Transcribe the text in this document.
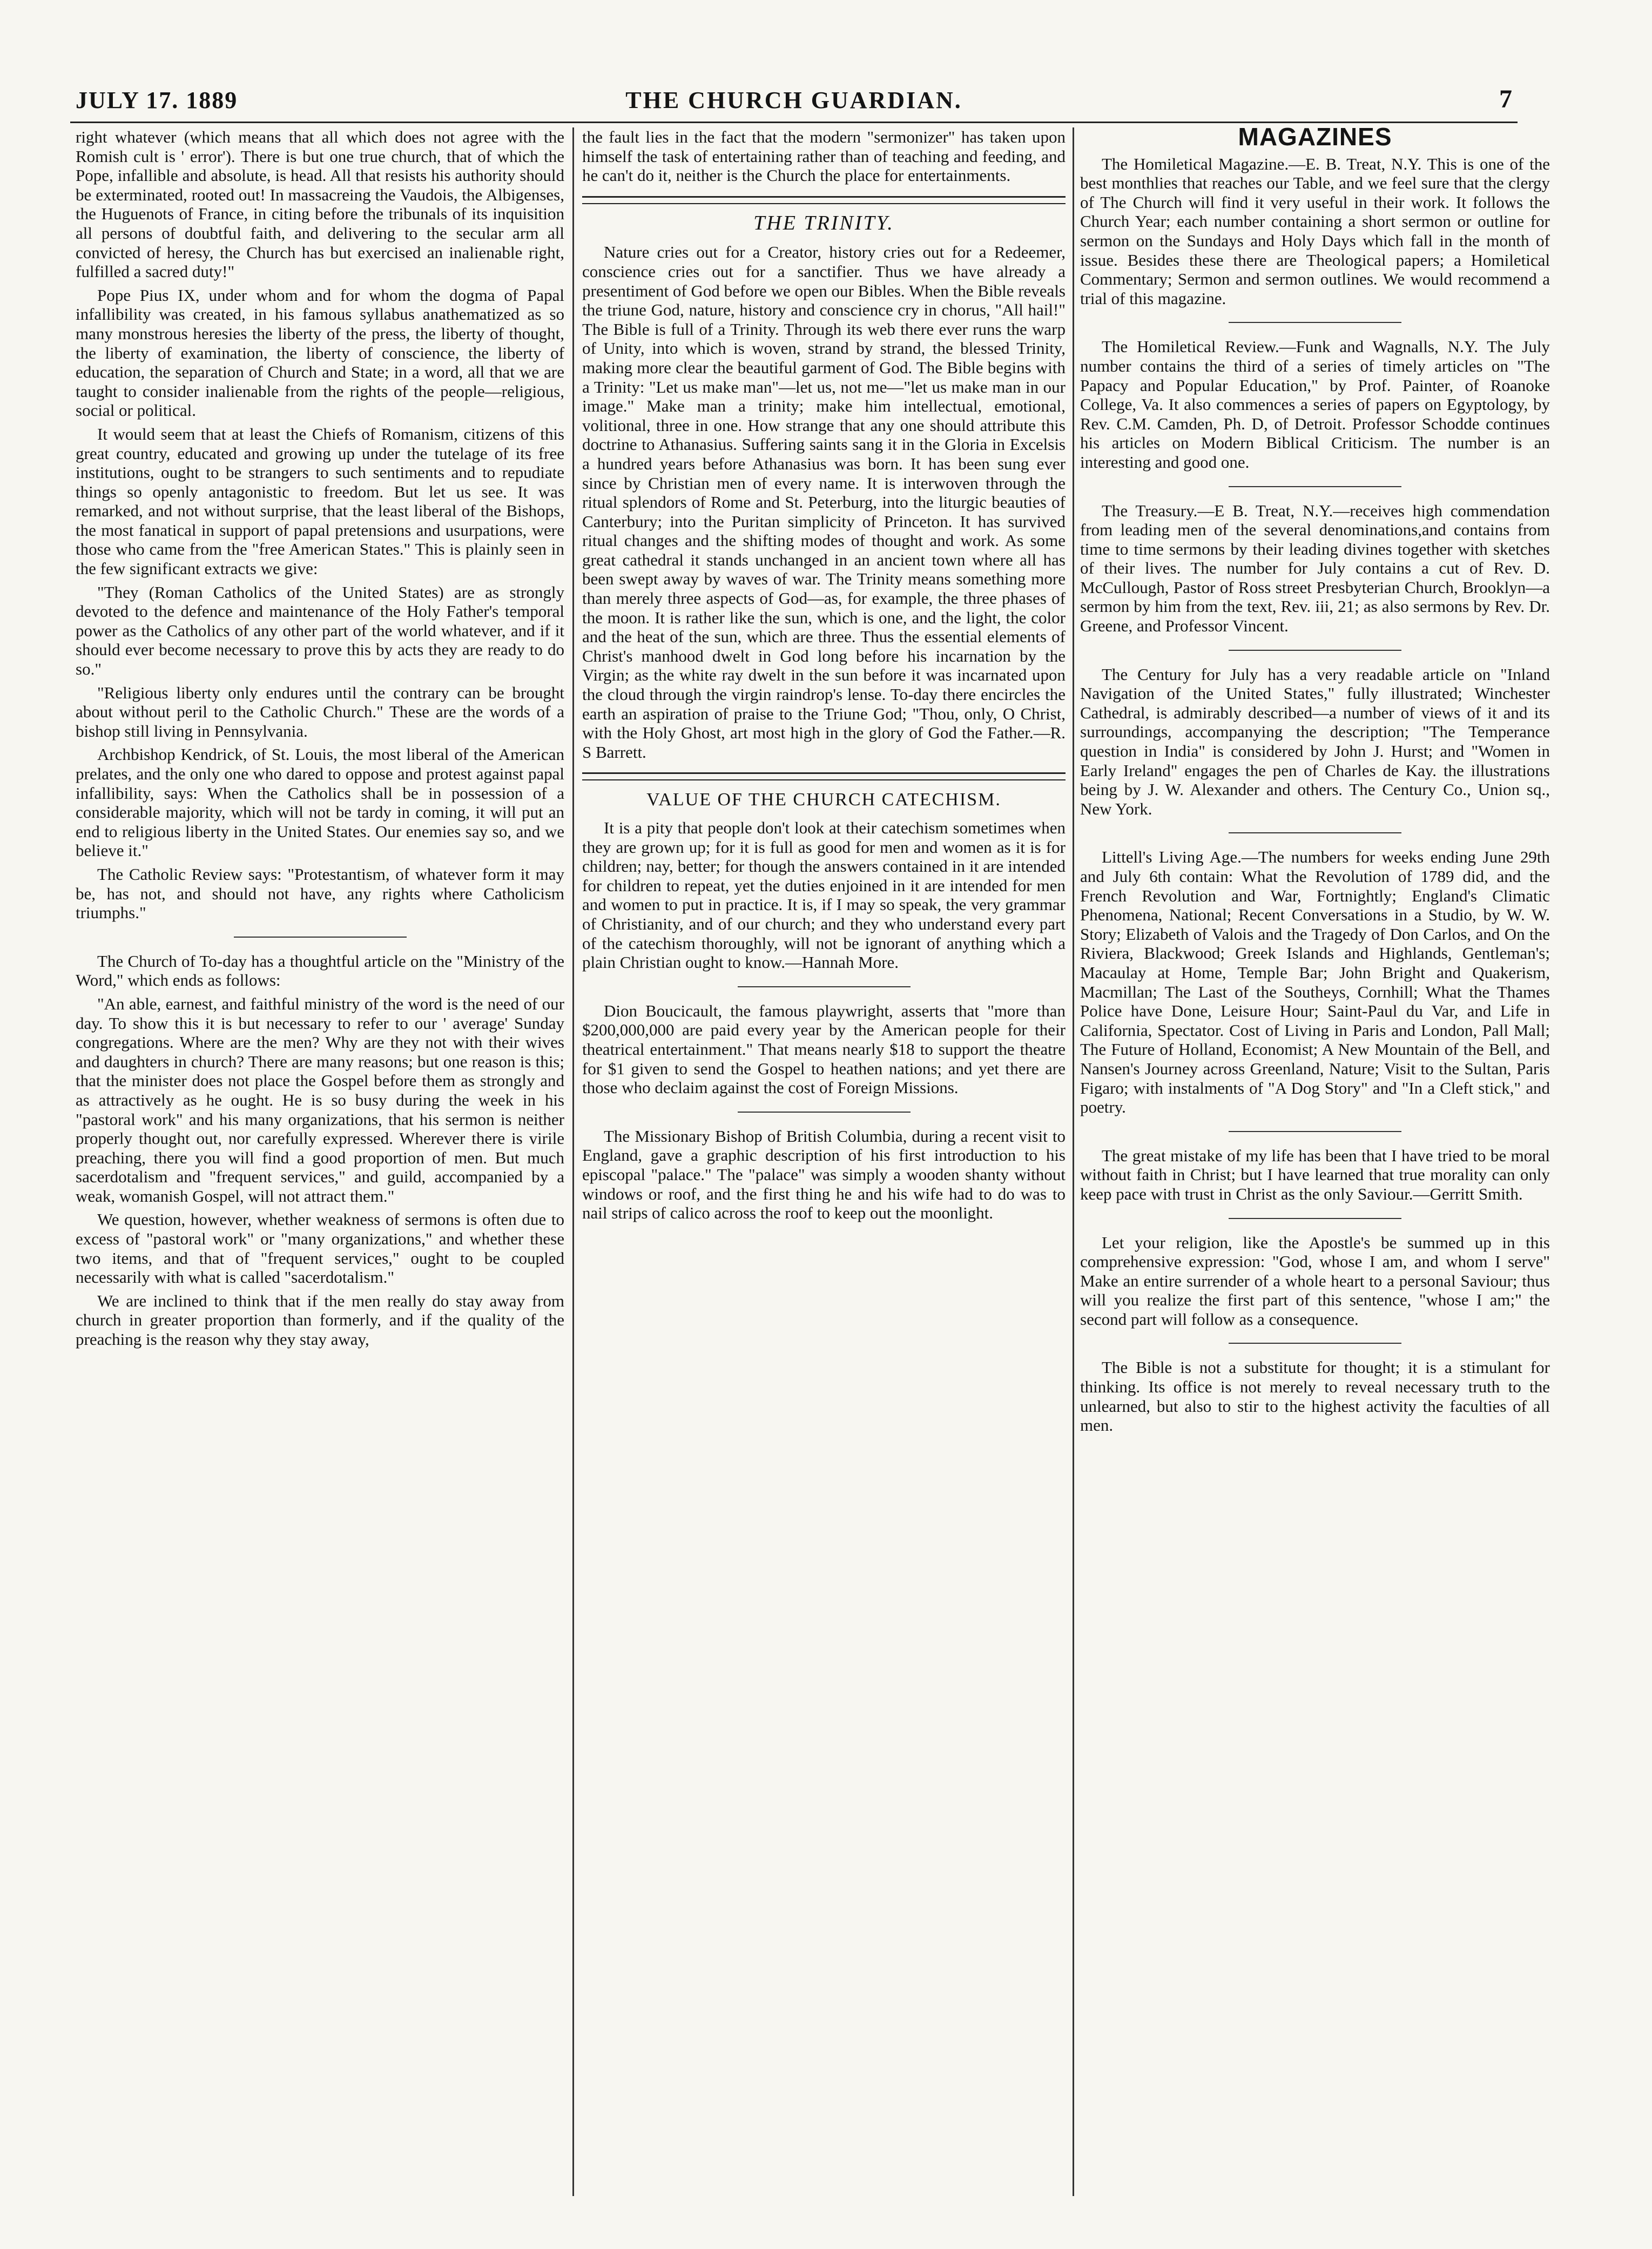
JULY 17. 1889	THE CHURCH GUARDIAN.	7

right whatever (which means that all which does not agree with the Romish cult is ' error'). There is but one true church, that of which the Pope, infallible and absolute, is head. All that resists his authority should be exterminated, rooted out! In massacreing the Vaudois, the Albigenses, the Huguenots of France, in citing before the tribunals of its inquisition all persons of doubtful faith, and delivering to the secular arm all convicted of heresy, the Church has but exercised an inalienable right, fulfilled a sacred duty!"

Pope Pius IX, under whom and for whom the dogma of Papal infallibility was created, in his famous syllabus anathematized as so many monstrous heresies the liberty of the press, the liberty of thought, the liberty of examination, the liberty of conscience, the liberty of education, the separation of Church and State; in a word, all that we are taught to consider inalienable from the rights of the people—religious, social or political.

It would seem that at least the Chiefs of Romanism, citizens of this great country, educated and growing up under the tutelage of its free institutions, ought to be strangers to such sentiments and to repudiate things so openly antagonistic to freedom. But let us see. It was remarked, and not without surprise, that the least liberal of the Bishops, the most fanatical in support of papal pretensions and usurpations, were those who came from the "free American States." This is plainly seen in the few significant extracts we give:

"They (Roman Catholics of the United States) are as strongly devoted to the defence and maintenance of the Holy Father's temporal power as the Catholics of any other part of the world whatever, and if it should ever become necessary to prove this by acts they are ready to do so."

"Religious liberty only endures until the contrary can be brought about without peril to the Catholic Church." These are the words of a bishop still living in Pennsylvania.

Archbishop Kendrick, of St. Louis, the most liberal of the American prelates, and the only one who dared to oppose and protest against papal infallibility, says: When the Catholics shall be in possession of a considerable majority, which will not be tardy in coming, it will put an end to religious liberty in the United States. Our enemies say so, and we believe it."

The Catholic Review says: "Protestantism, of whatever form it may be, has not, and should not have, any rights where Catholicism triumphs."

The Church of To-day has a thoughtful article on the "Ministry of the Word," which ends as follows:

"An able, earnest, and faithful ministry of the word is the need of our day. To show this it is but necessary to refer to our ' average' Sunday congregations. Where are the men? Why are they not with their wives and daughters in church? There are many reasons; but one reason is this; that the minister does not place the Gospel before them as strongly and as attractively as he ought. He is so busy during the week in his "pastoral work" and his many organizations, that his sermon is neither properly thought out, nor carefully expressed. Wherever there is virile preaching, there you will find a good proportion of men. But much sacerdotalism and "frequent services," and guild, accompanied by a weak, womanish Gospel, will not attract them."

We question, however, whether weakness of sermons is often due to excess of "pastoral work" or "many organizations," and whether these two items, and that of "frequent services," ought to be coupled necessarily with what is called "sacerdotalism."

We are inclined to think that if the men really do stay away from church in greater proportion than formerly, and if the quality of the preaching is the reason why they stay away,

the fault lies in the fact that the modern "sermonizer" has taken upon himself the task of entertaining rather than of teaching and feeding, and he can't do it, neither is the Church the place for entertainments.

THE TRINITY.

Nature cries out for a Creator, history cries out for a Redeemer, conscience cries out for a sanctifier. Thus we have already a presentiment of God before we open our Bibles. When the Bible reveals the triune God, nature, history and conscience cry in chorus, "All hail!" The Bible is full of a Trinity. Through its web there ever runs the warp of Unity, into which is woven, strand by strand, the blessed Trinity, making more clear the beautiful garment of God. The Bible begins with a Trinity: "Let us make man"—let us, not me—"let us make man in our image." Make man a trinity; make him intellectual, emotional, volitional, three in one. How strange that any one should attribute this doctrine to Athanasius. Suffering saints sang it in the Gloria in Excelsis a hundred years before Athanasius was born. It has been sung ever since by Christian men of every name. It is interwoven through the ritual splendors of Rome and St. Peterburg, into the liturgic beauties of Canterbury; into the Puritan simplicity of Princeton. It has survived ritual changes and the shifting modes of thought and work. As some great cathedral it stands unchanged in an ancient town where all has been swept away by waves of war. The Trinity means something more than merely three aspects of God—as, for example, the three phases of the moon. It is rather like the sun, which is one, and the light, the color and the heat of the sun, which are three. Thus the essential elements of Christ's manhood dwelt in God long before his incarnation by the Virgin; as the white ray dwelt in the sun before it was incarnated upon the cloud through the virgin raindrop's lense. To-day there encircles the earth an aspiration of praise to the Triune God; "Thou, only, O Christ, with the Holy Ghost, art most high in the glory of God the Father.—R. S Barrett.

VALUE OF THE CHURCH CATECHISM.

It is a pity that people don't look at their catechism sometimes when they are grown up; for it is full as good for men and women as it is for children; nay, better; for though the answers contained in it are intended for children to repeat, yet the duties enjoined in it are intended for men and women to put in practice. It is, if I may so speak, the very grammar of Christianity, and of our church; and they who understand every part of the catechism thoroughly, will not be ignorant of anything which a plain Christian ought to know.—Hannah More.

Dion Boucicault, the famous playwright, asserts that "more than $200,000,000 are paid every year by the American people for their theatrical entertainment." That means nearly $18 to support the theatre for $1 given to send the Gospel to heathen nations; and yet there are those who declaim against the cost of Foreign Missions.

The Missionary Bishop of British Columbia, during a recent visit to England, gave a graphic description of his first introduction to his episcopal "palace." The "palace" was simply a wooden shanty without windows or roof, and the first thing he and his wife had to do was to nail strips of calico across the roof to keep out the moonlight.

MAGAZINES

The Homiletical Magazine.—E. B. Treat, N.Y. This is one of the best monthlies that reaches our Table, and we feel sure that the clergy of The Church will find it very useful in their work. It follows the Church Year; each number containing a short sermon or outline for sermon on the Sundays and Holy Days which fall in the month of issue. Besides these there are Theological papers; a Homiletical Commentary; Sermon and sermon outlines. We would recommend a trial of this magazine.

The Homiletical Review.—Funk and Wagnalls, N.Y. The July number contains the third of a series of timely articles on "The Papacy and Popular Education," by Prof. Painter, of Roanoke College, Va. It also commences a series of papers on Egyptology, by Rev. C.M. Camden, Ph. D, of Detroit. Professor Schodde continues his articles on Modern Biblical Criticism. The number is an interesting and good one.

The Treasury.—E B. Treat, N.Y.—receives high commendation from leading men of the several denominations,and contains from time to time sermons by their leading divines together with sketches of their lives. The number for July contains a cut of Rev. D. McCullough, Pastor of Ross street Presbyterian Church, Brooklyn—a sermon by him from the text, Rev. iii, 21; as also sermons by Rev. Dr. Greene, and Professor Vincent.

The Century for July has a very readable article on "Inland Navigation of the United States," fully illustrated; Winchester Cathedral, is admirably described—a number of views of it and its surroundings, accompanying the description; "The Temperance question in India" is considered by John J. Hurst; and "Women in Early Ireland" engages the pen of Charles de Kay. the illustrations being by J. W. Alexander and others. The Century Co., Union sq., New York.

Littell's Living Age.—The numbers for weeks ending June 29th and July 6th contain: What the Revolution of 1789 did, and the French Revolution and War, Fortnightly; England's Climatic Phenomena, National; Recent Conversations in a Studio, by W. W. Story; Elizabeth of Valois and the Tragedy of Don Carlos, and On the Riviera, Blackwood; Greek Islands and Highlands, Gentleman's; Macaulay at Home, Temple Bar; John Bright and Quakerism, Macmillan; The Last of the Southeys, Cornhill; What the Thames Police have Done, Leisure Hour; Saint-Paul du Var, and Life in California, Spectator. Cost of Living in Paris and London, Pall Mall; The Future of Holland, Economist; A New Mountain of the Bell, and Nansen's Journey across Greenland, Nature; Visit to the Sultan, Paris Figaro; with instalments of "A Dog Story" and "In a Cleft stick," and poetry.

The great mistake of my life has been that I have tried to be moral without faith in Christ; but I have learned that true morality can only keep pace with trust in Christ as the only Saviour.—Gerritt Smith.

Let your religion, like the Apostle's be summed up in this comprehensive expression: "God, whose I am, and whom I serve" Make an entire surrender of a whole heart to a personal Saviour; thus will you realize the first part of this sentence, "whose I am;" the second part will follow as a consequence.

The Bible is not a substitute for thought; it is a stimulant for thinking. Its office is not merely to reveal necessary truth to the unlearned, but also to stir to the highest activity the faculties of all men.
